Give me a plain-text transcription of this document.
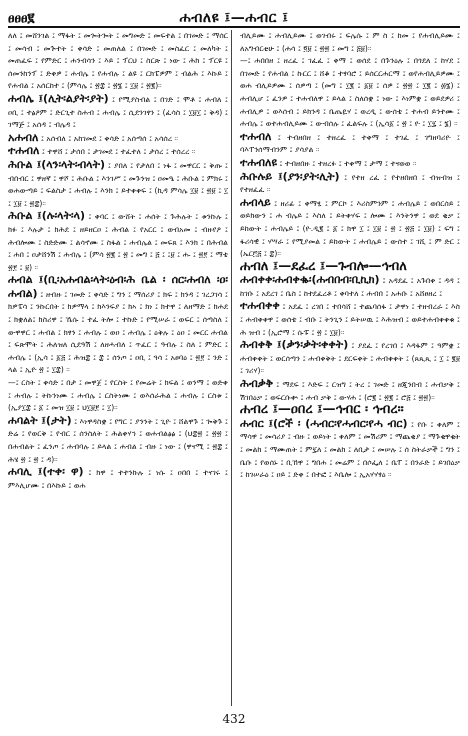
ፀፀፀ፪	ሐብለዩ ፤—ሐብር ፤

ለለ ፤ መሸንገል ፤ ማፋት ፤ መጐትጐት ፤ መግመድ ፤ መፍተል ፤ በገመድ ፤ ማሰር ፤ መሳብ ፤ መጕተት ፤ ቀሳድ ፤ መጠለል ፤ በገመድ ፤ መስፈር ፤ መለካት ፤ መጠፈፍ ፤ የምድር ፤ ሐንብሳን ፤ እይ ፤ ፕርህ ፤ ስርጽ ፤ ነው ፤ ሕክ ፤ ፕርዩ ፤ ሰመንከንፕ ፤ ድቀዎ ፤ ሐብሌ ፤ የሐብሉ ፤ ልዩ ፤ ርክፔዎም ፤ ብልሕ ፤ እኩይ ፤ የሐብል ፤ አሰርከተ ፤ (ምሳሌ ፤ ፳፰ ፤ ፳፮ ፤ ፲፱ ፤ ፳፪)።

ሐብሌ ፤(ሊት፡ልያት፡ያት) ፤ የሚያስብል ፤ በገድ ፤ ሞቶ ፤ ሐብለ ፤ ዐቢ ፤ ተፅዖም ፤ ድርጊተ ስሐብ ፤ ሐብሌ ፤ ሲደንገፃን ፤ (ፈሳስ ፤ ፲፱፲ ፤ ቅዳ) ፤ ገማጅ ፤ አሰዳ ፤ ብሌዳ ፤

አሐብለ ፤ አሰብለ ፤ አከገመደ ፤ ቀሳድ ፤ አሰጣሰ ፤ አሳሰረ ።

ተሐብለ ፤ ተዋሸ ፤ ታሰበ ፤ ታገመደ ፤ ተፈተለ ፤ ታሰረ ፤ ተሰረረ ።

ሕቡል ፤(ላን፡ላት፡ብላት) ፤ ያበለ ፤ የታለበ ፤ ነፋ ፤ መዋርር ፤ ቅጡ ፤ ብበብር ፤ ዋዘኛ ፤ ዋሾ ፤ ሕቡል ፤ እንገሥ ፤ መጉንዝ ፤ ዐመዔ ፤ ሕቡል ፤ ምክሩ ፤ ወሐውጣይ ፤ ፍልስታ ፤ ሐብሉ ፤ እንክ ፤ ይተቀቀፍ ፤ (ኪዳ ምሳሌ ፲፱ ፤ ፳፱ ፤ ፲ ፤ ፲፱ ፤ ፳፰)።

ሕቡል ፤(ሉ፡ላት፡ላ) ፤ ቀባር ፤ ውሸት ፤ ሐሰት ፤ ጉሕሉት ፤ ቱንኩሉ ፤ ክፉ ፤ እሉታ ፤ ክሕደ ፤ ዘይዘርዐ ፤ ሕብል ፤ የአርር ፤ ወብአመ ፤ ብዙየዖ ፤ ሕብሎሙ ፤ ስድድሙ ፤ ልሳኖሙ ፤ ስፋል ፤ ሐብሌል ፤ መፍጸ ፤ እንክ ፤ በሕብል ፤ ሐበ ፤ ዐታሸንሽ ፤ ሐብሌ ፤ (ምሳ ፳፪ ፤ ፳ ፤ መግ ፤ ፭ ፤ ፤፱ ፤ ሑ ፤ ፳፻ ፤ ማቴ ፳፻ ፤ ፱) ።

ሐብል ፤(ቢ፡አሐብል፡ላት፡ዕብ፡ሕ ቤል ፡ ሰር፡ሐብለ ፡ዐ፡ሐብል) ፤ ዘብዙ ፤ ገመድ ፤ ቀሳድ ፤ ግን ፤ ማሰሪያ ፤ ክፍ ፤ ክንዳ ፤ ገረጋገሳ ፤ ክዎፔሳ ፤ ንኩርበት ፤ ክዎማላ ፤ ክእንፍያ ፤ ክኣ ፤ ክነ ፤ ክተዋ ፤ ለዘማድ ፤ ክሐደ ፤ ክቋለል፤ ክስሪዋ ፤ ኼሱ ፤ ተፈ ትሎ ፤ ተኩድ ፤ የሚሠራ ፤ ወፍር ፤ ሰጣስለ ፤ ውዋዋር ፤ ሐብል ፤ ክፃን ፤ ሐብሉ ፤ ወዐ ፤ ሐብሌ ፤ ዕቅሉ ፤ ዕዐ ፤ መርር ሐብል ፤ ፍጽሞት ፤ ሕለዝለ ሲደዓሽ ፤ ለዘሓብለ ፤ ጥፈር ፤ ዓብሉ ፤ ስለ ፤ ምድር ፤ ሐብሌ ፤ (ኢሳ ፤ ፩፭ ፤ ሕዝ፰ ፤ ፰ ፤ ሰንጦ ፤ ዐቢ ፤ ጓሳ ፤ አፀባዕ ፤ ፳፻ ፤ ንድ ፤ ላል ፤ ኢዮ ፳ ፤ ፲፰) ።

—፤ ርስት ፤ ቀሳድ ፤ በታ ፤ መዋጀ ፤ የርስት ፤ የመሬት ፤ ክፍል ፤ ወንማ ፤ ወድቀ ፤ ሐብሉ ፤ ትኩንነሙ ፤ ሐብሌ ፤ ርስትነሙ ፤ ወእሰራሕል ፤ ሐብሉ ፤ ርስቱ ፤ (ኢያ፲፰ ፤ ፩ ፤ መዝ ፲፱ ፤ ህ፲፱፻ ፤ ፲)።

ሐባልት ፤(ታት) ፤ እነዋዳስቋ ፤ የግር ፤ ያንንት ፤ ጊዮ ፤ ሸልዋጉ ፤ ጐቅጉ ፤ ድሬ ፤ የወርቅ ፤ የብር ፤ ሰንስለት ፤ ሕልቀሃኅ ፤ ወሐብልፅፅ ፤ (ህ፰፳ ፤ ፳፳ ፤ በሐብልት ፤ ፈንጦ ፤ ሐብባሉ ፤ ይላል ፤ ሐብል ፤ ብዙ ፤ ነው ፤ (ዋናሚ ፤ ፳፰ ፤ ሕሄ ፳ ፤ ፳ ፤ ዳ)።

ሐባሊ ፤(ተቀ፡ ዋ) ፤ ክዋ ፤ ተተንኩሉ ፤ ነሱ ፤ ዐበበ ፤ ተናገሩ ፤ ምእሊሆሙ ፤ በእኩይ ፤ ወሐ

ብሊይሙ ፤ ሐብሊይሙ ፤ ወገብሩ ፤ ፍሌሱ ፤ ም ስ ፤ ከመ ፤ የሐብሊይሙ ፤ ለአግብርቲሁ ፤ (ሐሳ ፤ ፬፱ ፤ ፳፳ ፤ መግ ፤ ፭፱)።

—፤ ሐበበዘ ፤ ዘረፈ ፤ ገፈፈ ፤ ቀማ ፤ ወሰደ ፤ በጉንዕሉ ፤ በጎደለ ፤ ከሃደ ፤ በገመድ ፤ የሐብል ፤ ኩርር ፤ ሸቆ ፤ ተፃባሮ ፤ ይሰርርሐርማ ፤ ወየሐብሊይዎሙ ፤ ወሐ ብሊይዎሙ ፤ ሰዎጣ ፤ (መግ ፤ ፲፪ ፤ ፩፱ ፤ ሰዎ ፤ ፳፳ ፤ ፲፪ ፤ ፴፮) ፤ ሐብሊሆ ፤ ፈንዎ ፤ ተሐብለዋ ፤ ይላል ፤ ስለሰቋ ፤ ነው ፤ እነምቋ ፤ ወይደዎሪ ፤ ሐብሊዎ ፤ ወእሰብ ፤ ይክንዳ ፤ ቤጤዬሃ ፤ ወረዲ ፤ ውሰቴ ፤ ተሐብ ይንተሙ ፤ ሐብሌ ፤ ወተሐብሊይሙ ፤ ውብሰሉ ፤ ፈልፍሉ ፤ (ኢሳ፩ ፤ ፳ ፤ ዮ ፤ ፲፯ ፤ ፮) ።

ተሐብለ ፤ ተብዘበዘ ፤ ተዘረፈ ፤ ተቀማ ፤ ተገፈ ፤ ገግዘባሪዮ ፤ ባእፐንሰማብንም ፤ ያሳያል ።

ተሐብለዩ ፤ ተብዘበዙ ፤ ተዘረፉ ፤ ተቀማ ፤ ታማ ፤ ተናወወ ።

ሕቡሉይ ፤(ያን፡ያት፡ሊት) ፤ የተዘ ረፈ ፤ የተዘበዘበ ፤ ብዝብዝ ፤ የተዘፈፈ ።

ሐብላይ ፤ ዘሪፊ ፤ ቀማፂ ፤ ምርኮ ፤ እሪስምንም ፤ ሐብሌይ ፤ ወበርሰይ ፤ ወይክውን ፤ ሐ ብሌይ ፤ እስለ ፤ ይትቀሃፍ ፤ ሎሙ ፤ እንትንዋ ፤ ወደ ቂቃ ፤ ይከውት ፤ ሐብሌይ ፤ (ዮ.ዲ፪ ፤ ፩ ፤ ክዋ ፲ ፤ ፲፱ ፤ ፳ ፤ ፳፭ ፤ ፲፱) ፤ ፍግ ፤ ፋሪሳዊ ፤ ሃሣራ ፤ የሚያመል ፤ ይከውት ፤ ሐብሌይ ፤ ውሰተ ፤ ገሺ ፤ ም ድር ፤ (ኤር፫፭ ፤ ፰)።

ሐብለ ፤—ደፈረ ፤—ጉብሎ—ኅብለ

ሐብቀቀ፡ሐብቀቈ፡(ሐብበብ፡ቢኪክ) ፤ አዳደፈ ፤ አጉበቀ ፤ ዳዳ ፤ ከገቡ ፤ አደረገ ፤ ቤስ ፤ ከተደፈረቶ ፤ ቀባተለ ፤ ሐብበ ፤ አሐቡ ፤ አሸፀዘረ ፤

ተሐብቀቀ ፤ አደፈ ፤ ረገበ ፤ ተበሳሸ ፤ ተጨባሰፋ ፤ ታዋነ ፤ ተዘብረራ ፤ እስ ፤ ሐብቀቀዋ ፤ ወሰቴ ፤ ብቡ ፤ ትንጊን ፤ ይትሠዉ ፤ እሕዝብ ፤ ወይተሐብቀቀቁ ፤ ሕ ዝብ ፤ (ኢሮማ ፤ ሱፑ ፤ ፳ ፤ ፲፱)።

ሕብቀቅ ፤(ቃን፡ቃት፡ቀቀት) ፤ ያደፈ ፤ የረገበ ፤ እዳፋም ፤ ዓምቋ ፤ ሐብቀቀት ፤ ወርሰጣን ፤ ሐብቀቅት ፤ ደርፍቀት ፤ ሐብቀቀት ፤ (ጰጲጲ ፤ ፲ ፤ ፪፱ ፤ ገሪሃ)።

ሕብቃቅ ፤ ማደፍ ፤ እድፍ ፤ ርዝግ ፤ ትረ ፤ ገመድ ፤ ዘጂንበብ ፤ ሐብቃቅ ፤ ሽገበዕቃ ፤ ወፍርቡቍ ፤ ሐብ ቃቅ ፤ ውሃሐ ፤ (ሮ፪ ፤ ፳፪ ፤ ሮ፭ ፤ ፳፳)።

ሐብረ ፤—ዐበረ ፤—ኅብር ፡ ኅብረ።

ሐብር ፤(ሮች ፡ (ሓብር፡የሓብር፡የሓ ብር) ፤ የቡ ፤ ቀለም ፤ ማሳዋ ፤ መሳሪያ ፤ ብዙ ፤ ወይነት ፤ ቀለም ፤ መሽሪም ፤ ማጨቂያ ፤ ማጉቂዋቂት ፤ መልክ ፤ ማሙጠት ፤ ም፯ለ ፤ መልክ ፤ ለቢታ ፤ መሠሉ ፤ ሰ ስትራቃች ፤ ግን ፤ ቤቡ ፤ የወሰኑ ፤ ቢኸዋ ፤ ግበሐ ፤ መሬም ፤ በሶፌለ ፤ ቤፐ ፤ በንራድ ፤ ይገበዕቃ ፤ ከገሠራዕ ፤ ዐይ ፤ ድቀ ፤ በተፎ ፤ እቤሎ ፤ ኢአሃሃፃዕ ።

432
